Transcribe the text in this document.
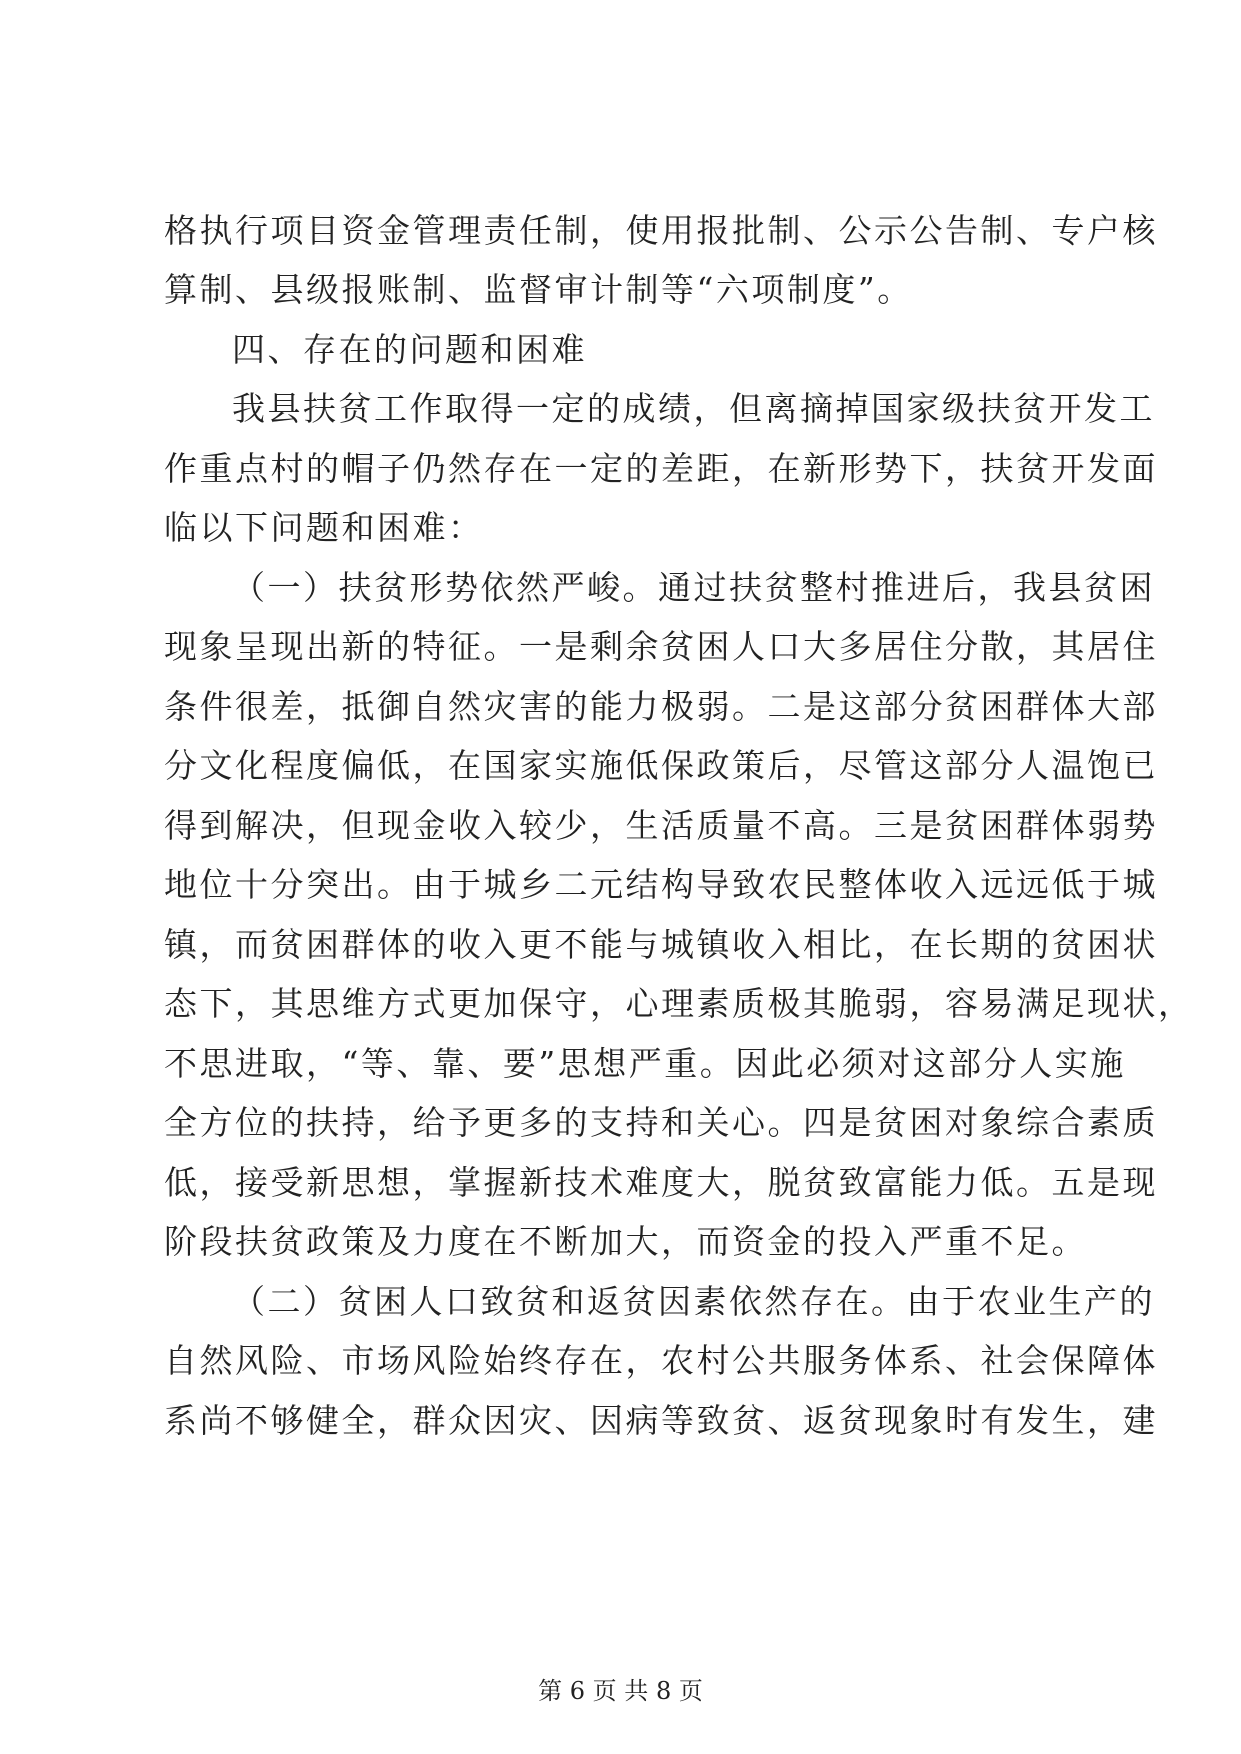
格执行项目资金管理责任制，使用报批制、公示公告制、专户核
算制、县级报账制、监督审计制等“六项制度”。
四、存在的问题和困难
我县扶贫工作取得一定的成绩，但离摘掉国家级扶贫开发工
作重点村的帽子仍然存在一定的差距，在新形势下，扶贫开发面
临以下问题和困难：
（一）扶贫形势依然严峻。通过扶贫整村推进后，我县贫困
现象呈现出新的特征。一是剩余贫困人口大多居住分散，其居住
条件很差，抵御自然灾害的能力极弱。二是这部分贫困群体大部
分文化程度偏低，在国家实施低保政策后，尽管这部分人温饱已
得到解决，但现金收入较少，生活质量不高。三是贫困群体弱势
地位十分突出。由于城乡二元结构导致农民整体收入远远低于城
镇，而贫困群体的收入更不能与城镇收入相比，在长期的贫困状
态下，其思维方式更加保守，心理素质极其脆弱，容易满足现状，
不思进取，“等、靠、要”思想严重。因此必须对这部分人实施
全方位的扶持，给予更多的支持和关心。四是贫困对象综合素质
低，接受新思想，掌握新技术难度大，脱贫致富能力低。五是现
阶段扶贫政策及力度在不断加大，而资金的投入严重不足。
（二）贫困人口致贫和返贫因素依然存在。由于农业生产的
自然风险、市场风险始终存在，农村公共服务体系、社会保障体
系尚不够健全，群众因灾、因病等致贫、返贫现象时有发生，建
第 6 页 共 8 页
